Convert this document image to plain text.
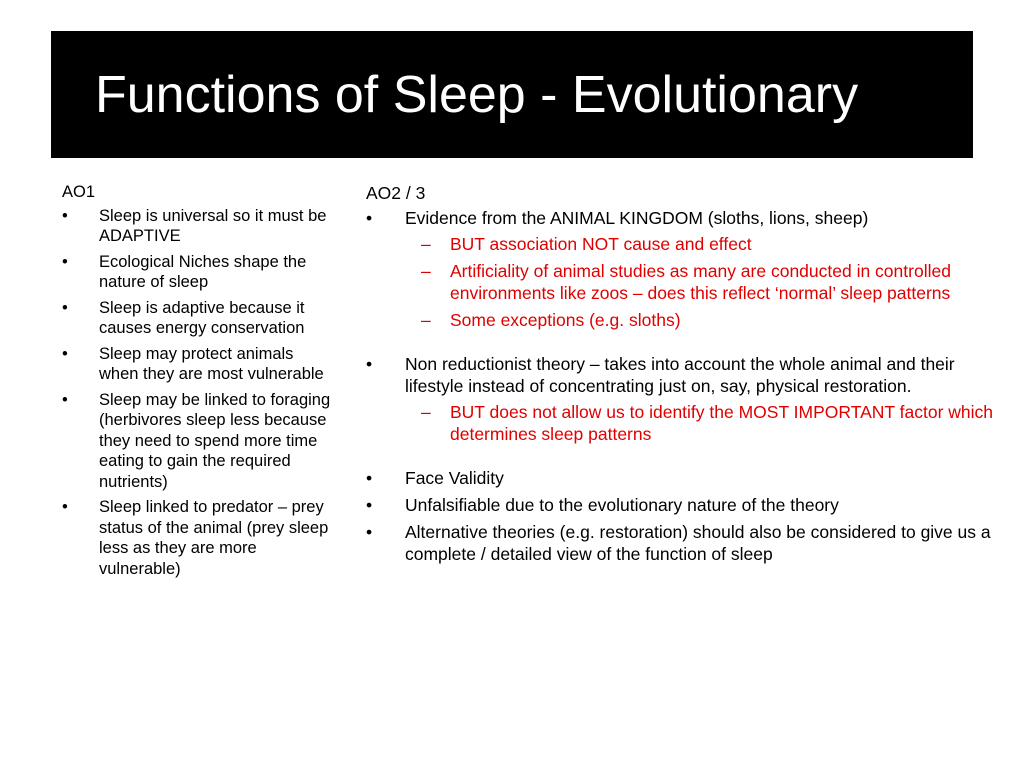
Functions of Sleep - Evolutionary
AO1
• Sleep is universal so it must be ADAPTIVE
• Ecological Niches shape the nature of sleep
• Sleep is adaptive because it causes energy conservation
• Sleep may protect animals when they are most vulnerable
• Sleep may be linked to foraging (herbivores sleep less because they need to spend more time eating to gain the required nutrients)
• Sleep linked to predator – prey status of the animal (prey sleep less as they are more vulnerable)
AO2 / 3
• Evidence from the ANIMAL KINGDOM (sloths, lions, sheep)
– BUT association NOT cause and effect
– Artificiality of animal studies as many are conducted in controlled environments like zoos – does this reflect ‘normal’ sleep patterns
– Some exceptions (e.g. sloths)
• Non reductionist theory – takes into account the whole animal and their lifestyle instead of concentrating just on, say, physical restoration.
– BUT does not allow us to identify the MOST IMPORTANT factor which determines sleep patterns
• Face Validity
• Unfalsifiable due to the evolutionary nature of the theory
• Alternative theories (e.g. restoration) should also be considered to give us a complete / detailed view of the function of sleep
